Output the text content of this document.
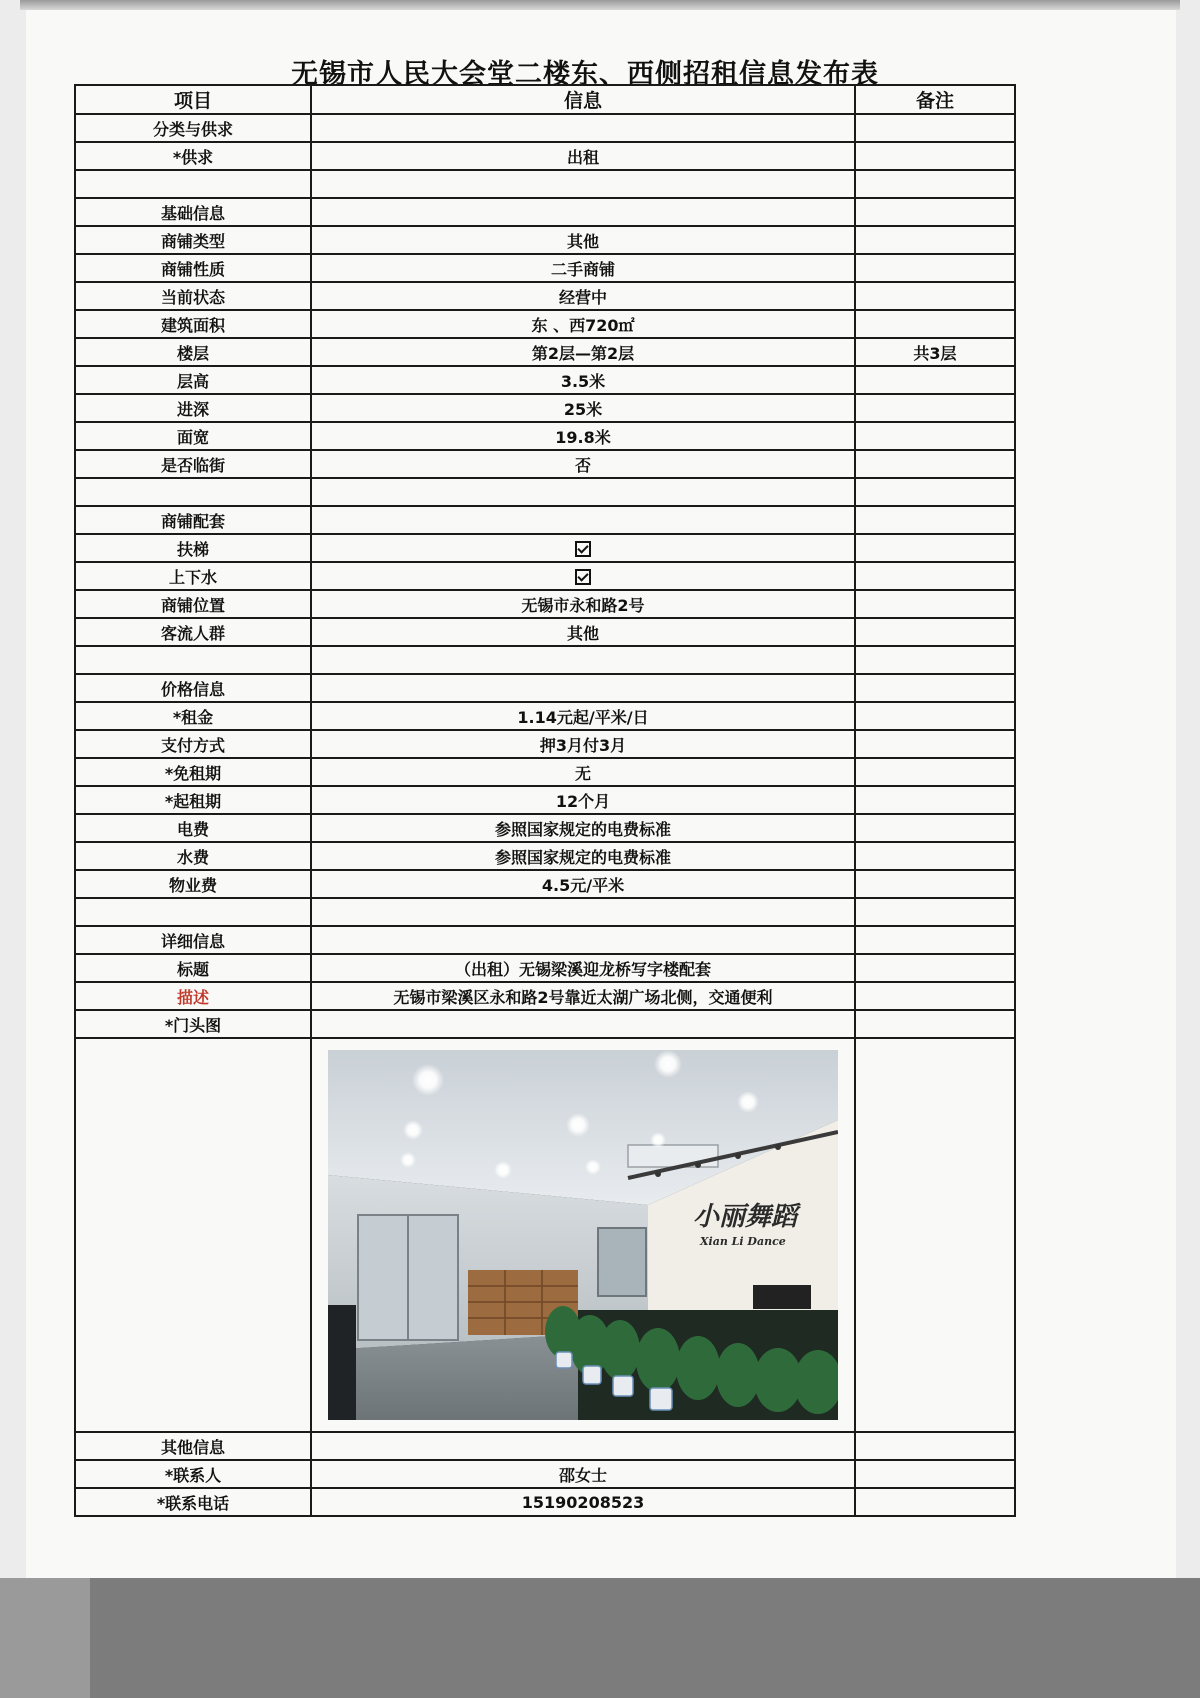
无锡市人民大会堂二楼东、西侧招租信息发布表
项目	信息	备注
分类与供求		
*供求	出租	

基础信息		
商铺类型	其他	
商铺性质	二手商铺	
当前状态	经营中	
建筑面积	东 、西720㎡	
楼层	第2层—第2层	共3层
层高	3.5米	
进深	25米	
面宽	19.8米	
是否临街	否	

商铺配套		
扶梯		
上下水		
商铺位置	无锡市永和路2号	
客流人群	其他	

价格信息		
*租金	1.14元起/平米/日	
支付方式	押3月付3月	
*免租期	无	
*起租期	12个月	
电费	参照国家规定的电费标准	
水费	参照国家规定的电费标准	
物业费	4.5元/平米	

详细信息		
标题	（出租）无锡梁溪迎龙桥写字楼配套	
描述	无锡市梁溪区永和路2号靠近太湖广场北侧，交通便利	
*门头图		

小丽舞蹈
Xian Li Dance	

其他信息		
*联系人	邵女士	
*联系电话	15190208523	
